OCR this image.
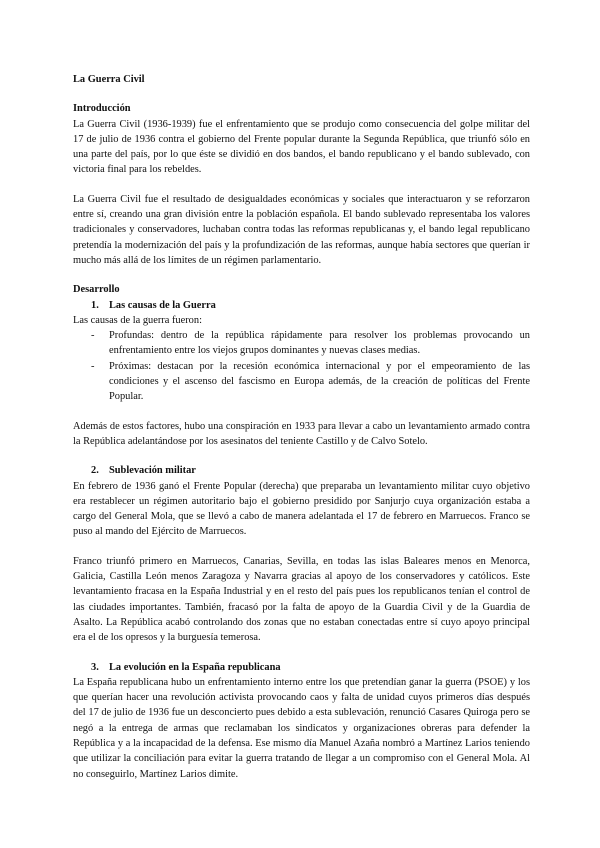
La Guerra Civil
Introducción

La Guerra Civil (1936-1939) fue el enfrentamiento que se produjo como consecuencia del golpe militar del 17 de julio de 1936 contra el gobierno del Frente popular durante la Segunda República, que triunfó sólo en una parte del país, por lo que éste se dividió en dos bandos, el bando republicano y el bando sublevado, con victoria final para los rebeldes.

La Guerra Civil fue el resultado de desigualdades económicas y sociales que interactuaron y se reforzaron entre sí, creando una gran división entre la población española. El bando sublevado representaba los valores tradicionales y conservadores, luchaban contra todas las reformas republicanas y, el bando legal republicano pretendía la modernización del país y la profundización de las reformas, aunque había sectores que querían ir mucho más allá de los límites de un régimen parlamentario.

Desarrollo
1. Las causas de la Guerra

Las causas de la guerra fueron:

-	Profundas: dentro de la república rápidamente para resolver los problemas provocando un enfrentamiento entre los viejos grupos dominantes y nuevas clases medias.
-	Próximas: destacan por la recesión económica internacional y por el empeoramiento de las condiciones y el ascenso del fascismo en Europa además, de la creación de políticas del Frente Popular.

Además de estos factores, hubo una conspiración en 1933 para llevar a cabo un levantamiento armado contra la República adelantándose por los asesinatos del teniente Castillo y de Calvo Sotelo.

2. Sublevación militar

En febrero de 1936 ganó el Frente Popular (derecha) que preparaba un levantamiento militar cuyo objetivo era restablecer un régimen autoritario bajo el gobierno presidido por Sanjurjo cuya organización estaba a cargo del General Mola, que se llevó a cabo de manera adelantada el 17 de febrero en Marruecos. Franco se puso al mando del Ejército de Marruecos.

Franco triunfó primero en Marruecos, Canarias, Sevilla, en todas las islas Baleares menos en Menorca, Galicia, Castilla León menos Zaragoza y Navarra gracias al apoyo de los conservadores y católicos. Este levantamiento fracasa en la España Industrial y en el resto del país pues los republicanos tenían el control de las ciudades importantes. También, fracasó por la falta de apoyo de la Guardia Civil y de la Guardia de Asalto. La República acabó controlando dos zonas que no estaban conectadas entre sí cuyo apoyo principal era el de los opresos y la burguesía temerosa.

3. La evolución en la España republicana

La España republicana hubo un enfrentamiento interno entre los que pretendían ganar la guerra (PSOE) y los que querían hacer una revolución activista provocando caos y falta de unidad cuyos primeros días después del 17 de julio de 1936 fue un desconcierto pues debido a esta sublevación, renunció Casares Quiroga pero se negó a la entrega de armas que reclamaban los sindicatos y organizaciones obreras para defender la República y a la incapacidad de la defensa. Ese mismo día Manuel Azaña nombró a Martínez Larios teniendo que utilizar la conciliación para evitar la guerra tratando de llegar a un compromiso con el General Mola. Al no conseguirlo, Martínez Larios dimite.
